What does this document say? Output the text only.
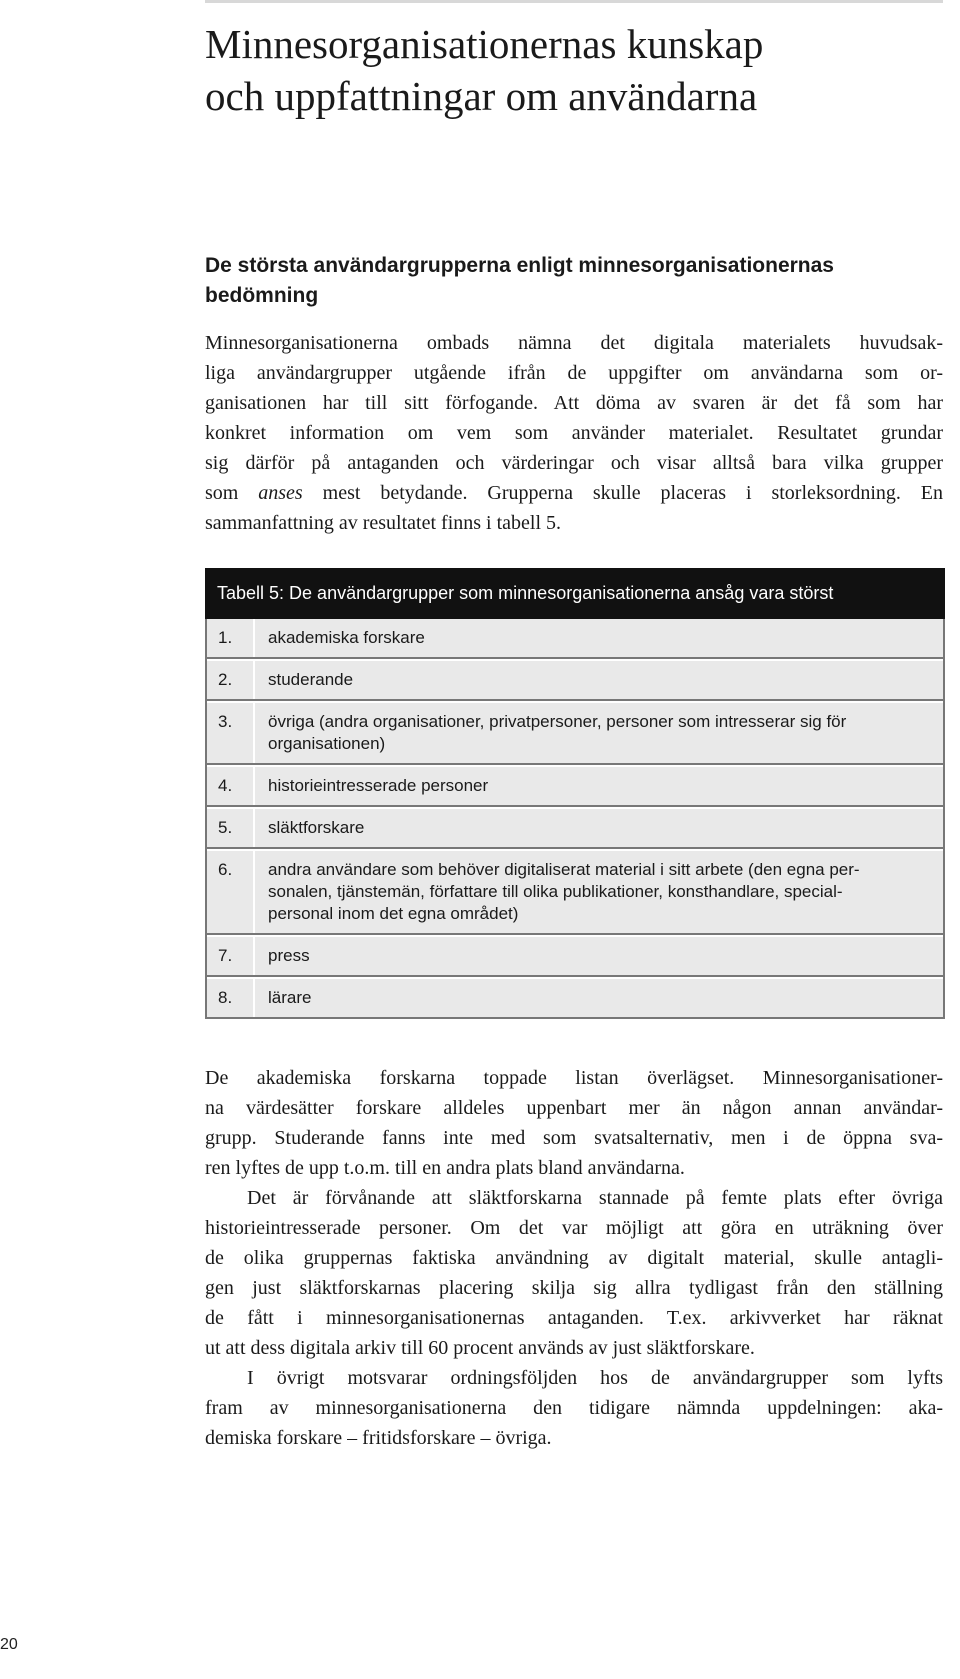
Minnesorganisationernas kunskap
och uppfattningar om användarna
De största användargrupperna enligt minnesorganisationernas
bedömning

Minnesorganisationerna ombads nämna det digitala materialets huvudsak-
liga användargrupper utgående ifrån de uppgifter om användarna som or-
ganisationen har till sitt förfogande. Att döma av svaren är det få som har
konkret information om vem som använder materialet. Resultatet grundar
sig därför på antaganden och värderingar och visar alltså bara vilka grupper
som anses mest betydande. Grupperna skulle placeras i storleksordning. En
sammanfattning av resultatet finns i tabell 5.

Tabell 5: De användargrupper som minnesorganisationerna ansåg vara störst
1.	akademiska forskare
2.	studerande
3.	övriga (andra organisationer, privatpersoner, personer som intresserar sig för
organisationen)
4.	historieintresserade personer
5.	släktforskare
6.	andra användare som behöver digitaliserat material i sitt arbete (den egna per-
sonalen, tjänstemän, författare till olika publikationer, konsthandlare, special-
personal inom det egna området)
7.	press
8.	lärare

De akademiska forskarna toppade listan överlägset. Minnesorganisationer-
na värdesätter forskare alldeles uppenbart mer än någon annan användar-
grupp. Studerande fanns inte med som svatsalternativ, men i de öppna sva-
ren lyftes de upp t.o.m. till en andra plats bland användarna.

Det är förvånande att släktforskarna stannade på femte plats efter övriga
historieintresserade personer. Om det var möjligt att göra en uträkning över
de olika gruppernas faktiska användning av digitalt material, skulle antagli-
gen just släktforskarnas placering skilja sig allra tydligast från den ställning
de fått i minnesorganisationernas antaganden. T.ex. arkivverket har räknat
ut att dess digitala arkiv till 60 procent används av just släktforskare.

I övrigt motsvarar ordningsföljden hos de användargrupper som lyfts
fram av minnesorganisationerna den tidigare nämnda uppdelningen: aka-
demiska forskare – fritidsforskare – övriga.

20
